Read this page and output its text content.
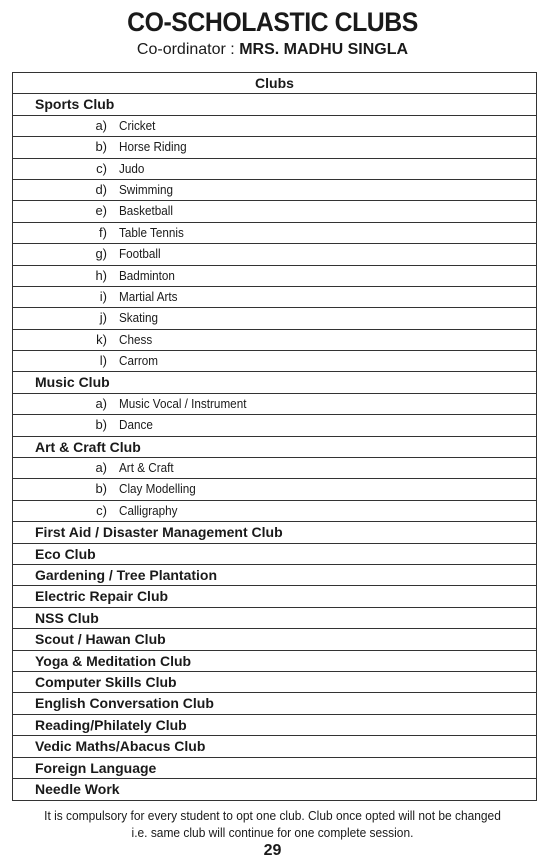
CO-SCHOLASTIC CLUBS
Co-ordinator : MRS. MADHU SINGLA
Clubs
Sports Club
a) Cricket
b) Horse Riding
c) Judo
d) Swimming
e) Basketball
f) Table Tennis
g) Football
h) Badminton
i) Martial Arts
j) Skating
k) Chess
l) Carrom
Music Club
a) Music Vocal / Instrument
b) Dance
Art & Craft Club
a) Art & Craft
b) Clay Modelling
c) Calligraphy
First Aid / Disaster Management Club
Eco Club
Gardening / Tree Plantation
Electric Repair Club
NSS Club
Scout / Hawan Club
Yoga & Meditation Club
Computer Skills Club
English Conversation Club
Reading/Philately Club
Vedic Maths/Abacus Club
Foreign Language
Needle Work
It is compulsory for every student to opt one club. Club once opted will not be changed
i.e. same club will continue for one complete session.
29
